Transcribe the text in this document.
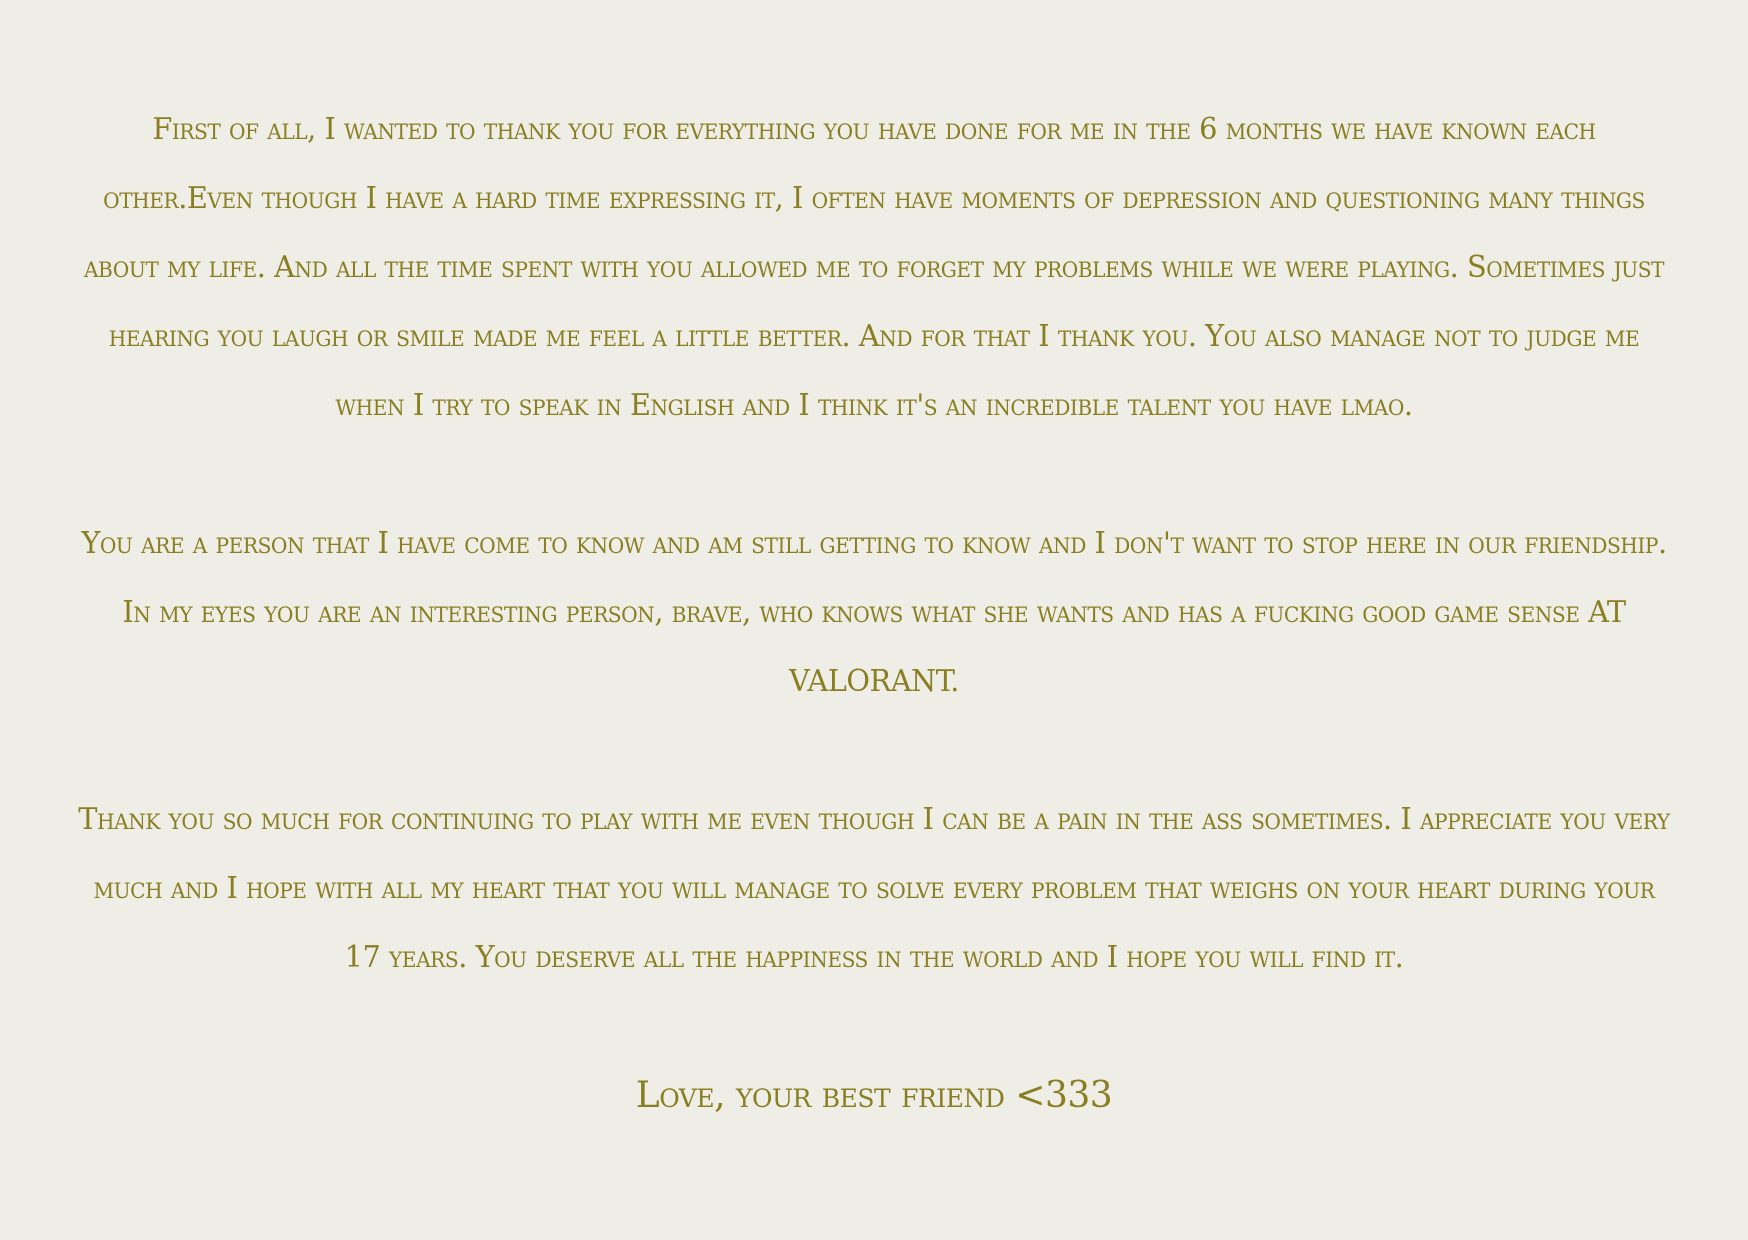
First of all, I wanted to thank you for everything you have done for me in the 6 months we have known each other.Even though I have a hard time expressing it, I often have moments of depression and questioning many things about my life. And all the time spent with you allowed me to forget my problems while we were playing. Sometimes just hearing you laugh or smile made me feel a little better. And for that I thank you. You also manage not to judge me when I try to speak in English and I think it's an incredible talent you have lmao.

You are a person that I have come to know and am still getting to know and I don't want to stop here in our friendship. In my eyes you are an interesting person, brave, who knows what she wants and has a fucking good game sense AT VALORANT.

Thank you so much for continuing to play with me even though I can be a pain in the ass sometimes. I appreciate you very much and I hope with all my heart that you will manage to solve every problem that weighs on your heart during your 17 years. You deserve all the happiness in the world and I hope you will find it.

Love, your best friend <333
